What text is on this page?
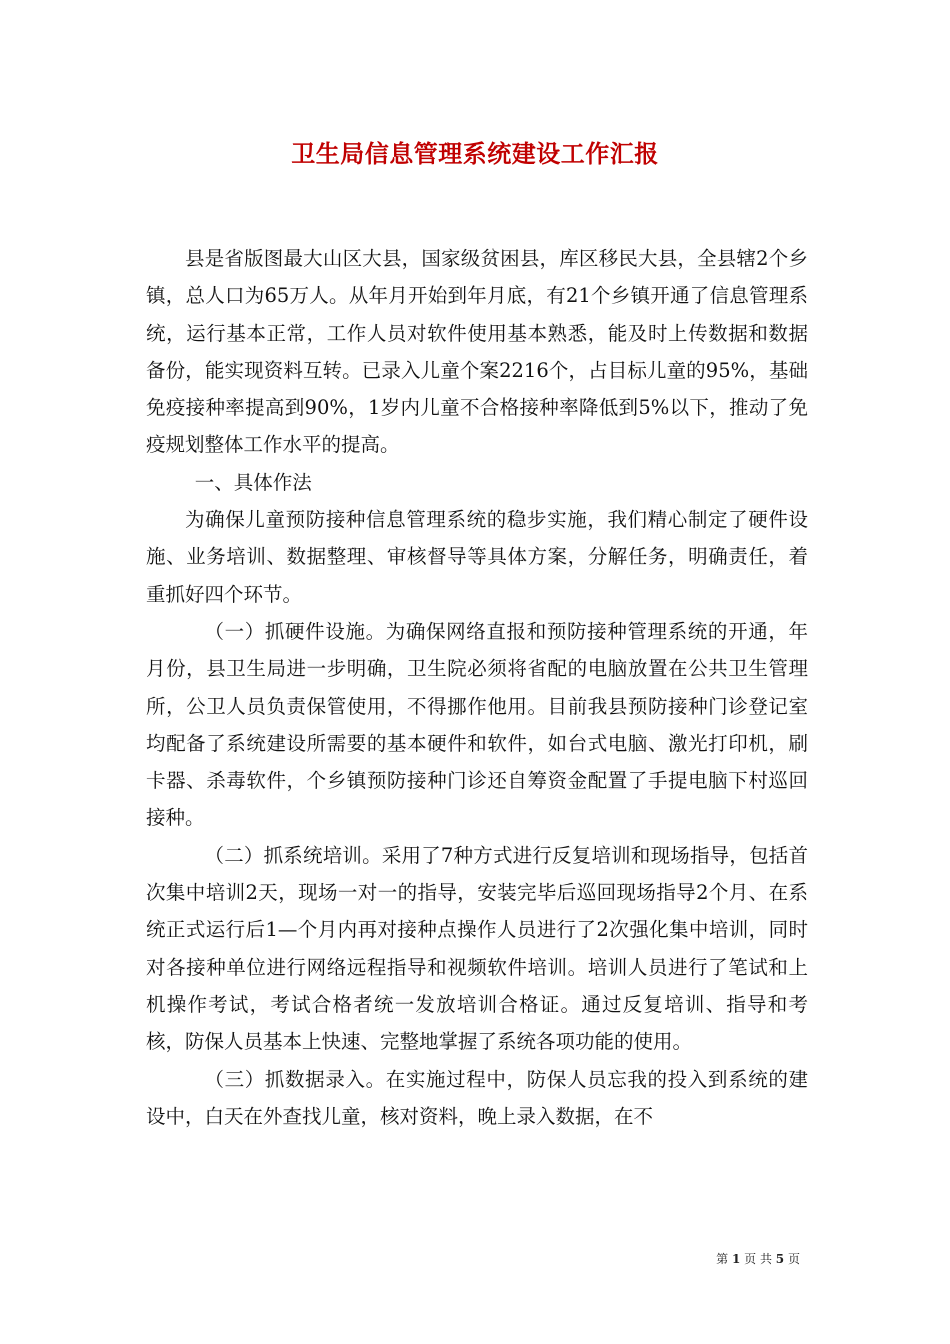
卫生局信息管理系统建设工作汇报

县是省版图最大山区大县，国家级贫困县，库区移民大县，全县辖2个乡镇，总人口为65万人。从年月开始到年月底，有21个乡镇开通了信息管理系统，运行基本正常，工作人员对软件使用基本熟悉，能及时上传数据和数据备份，能实现资料互转。已录入儿童个案2216个，占目标儿童的95%，基础免疫接种率提高到90%，1岁内儿童不合格接种率降低到5%以下，推动了免疫规划整体工作水平的提高。

一、具体作法

为确保儿童预防接种信息管理系统的稳步实施，我们精心制定了硬件设施、业务培训、数据整理、审核督导等具体方案，分解任务，明确责任，着重抓好四个环节。

（一）抓硬件设施。为确保网络直报和预防接种管理系统的开通，年月份，县卫生局进一步明确，卫生院必须将省配的电脑放置在公共卫生管理所，公卫人员负责保管使用，不得挪作他用。目前我县预防接种门诊登记室均配备了系统建设所需要的基本硬件和软件，如台式电脑、激光打印机，刷卡器、杀毒软件，个乡镇预防接种门诊还自筹资金配置了手提电脑下村巡回接种。

（二）抓系统培训。采用了7种方式进行反复培训和现场指导，包括首次集中培训2天，现场一对一的指导，安装完毕后巡回现场指导2个月、在系统正式运行后1—个月内再对接种点操作人员进行了2次强化集中培训，同时对各接种单位进行网络远程指导和视频软件培训。培训人员进行了笔试和上机操作考试，考试合格者统一发放培训合格证。通过反复培训、指导和考核，防保人员基本上快速、完整地掌握了系统各项功能的使用。

（三）抓数据录入。在实施过程中，防保人员忘我的投入到系统的建设中，白天在外查找儿童，核对资料，晚上录入数据，在不

第 1 页 共 5 页
